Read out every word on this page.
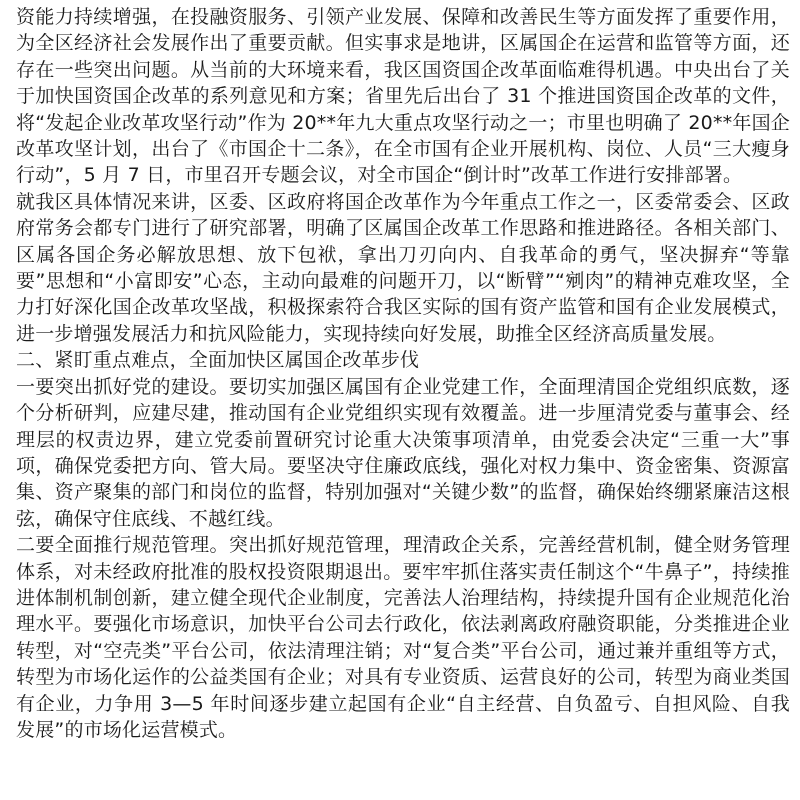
资能力持续增强，在投融资服务、引领产业发展、保障和改善民生等方面发挥了重要作用，为全区经济社会发展作出了重要贡献。但实事求是地讲，区属国企在运营和监管等方面，还存在一些突出问题。从当前的大环境来看，我区国资国企改革面临难得机遇。中央出台了关于加快国资国企改革的系列意见和方案；省里先后出台了 31 个推进国资国企改革的文件，将“发起企业改革攻坚行动”作为 20**年九大重点攻坚行动之一；市里也明确了 20**年国企改革攻坚计划，出台了《市国企十二条》，在全市国有企业开展机构、岗位、人员“三大瘦身行动”，5 月 7 日，市里召开专题会议，对全市国企“倒计时”改革工作进行安排部署。

就我区具体情况来讲，区委、区政府将国企改革作为今年重点工作之一，区委常委会、区政府常务会都专门进行了研究部署，明确了区属国企改革工作思路和推进路径。各相关部门、区属各国企务必解放思想、放下包袱，拿出刀刃向内、自我革命的勇气，坚决摒弃“等靠要”思想和“小富即安”心态，主动向最难的问题开刀，以“断臂”“剜肉”的精神克难攻坚，全力打好深化国企改革攻坚战，积极探索符合我区实际的国有资产监管和国有企业发展模式，进一步增强发展活力和抗风险能力，实现持续向好发展，助推全区经济高质量发展。

二、紧盯重点难点，全面加快区属国企改革步伐

一要突出抓好党的建设。要切实加强区属国有企业党建工作，全面理清国企党组织底数，逐个分析研判，应建尽建，推动国有企业党组织实现有效覆盖。进一步厘清党委与董事会、经理层的权责边界，建立党委前置研究讨论重大决策事项清单，由党委会决定“三重一大”事项，确保党委把方向、管大局。要坚决守住廉政底线，强化对权力集中、资金密集、资源富集、资产聚集的部门和岗位的监督，特别加强对“关键少数”的监督，确保始终绷紧廉洁这根弦，确保守住底线、不越红线。

二要全面推行规范管理。突出抓好规范管理，理清政企关系，完善经营机制，健全财务管理体系，对未经政府批准的股权投资限期退出。要牢牢抓住落实责任制这个“牛鼻子”，持续推进体制机制创新，建立健全现代企业制度，完善法人治理结构，持续提升国有企业规范化治理水平。要强化市场意识，加快平台公司去行政化，依法剥离政府融资职能，分类推进企业转型，对“空壳类”平台公司，依法清理注销；对“复合类”平台公司，通过兼并重组等方式，转型为市场化运作的公益类国有企业；对具有专业资质、运营良好的公司，转型为商业类国有企业，力争用 3—5 年时间逐步建立起国有企业“自主经营、自负盈亏、自担风险、自我发展”的市场化运营模式。
